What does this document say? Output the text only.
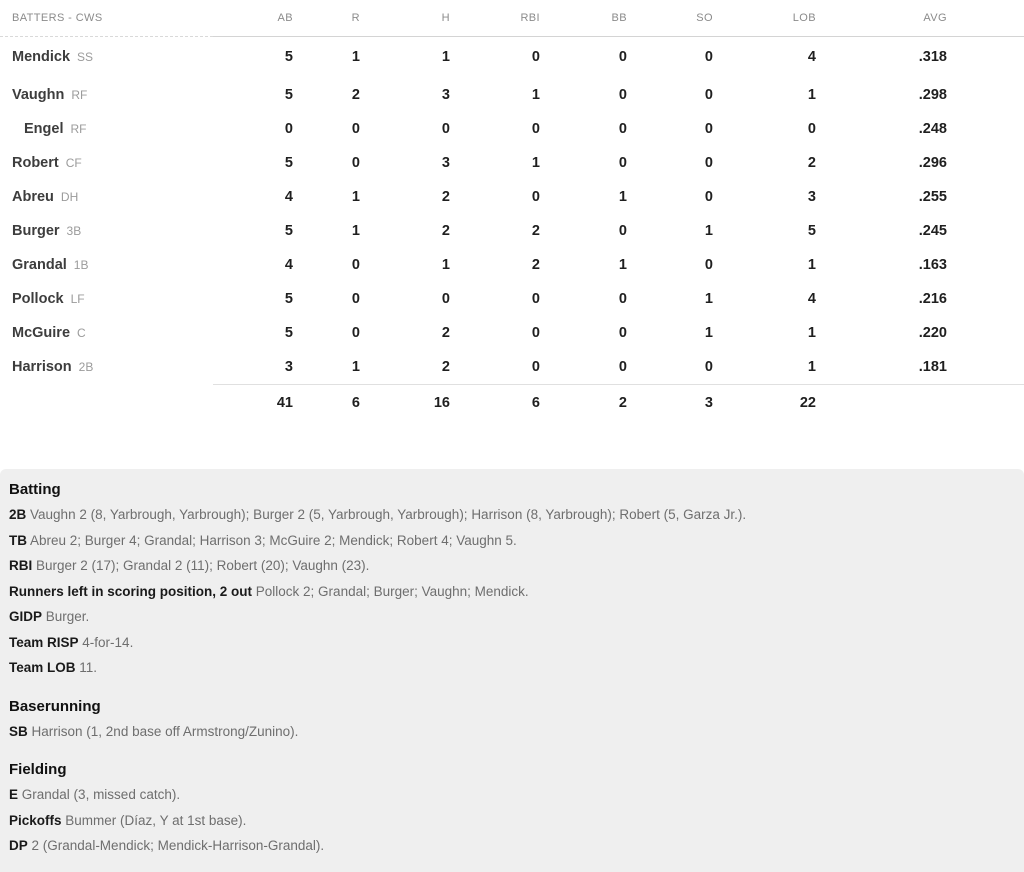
BATTERS - CWS	AB	R	H	RBI	BB	SO	LOB	AVG	
Mendick SS	5	1	1	0	0	0	4	.318	
Vaughn RF	5	2	3	1	0	0	1	.298	
Engel RF	0	0	0	0	0	0	0	.248	
Robert CF	5	0	3	1	0	0	2	.296	
Abreu DH	4	1	2	0	1	0	3	.255	
Burger 3B	5	1	2	2	0	1	5	.245	
Grandal 1B	4	0	1	2	1	0	1	.163	
Pollock LF	5	0	0	0	0	1	4	.216	
McGuire C	5	0	2	0	0	1	1	.220	
Harrison 2B	3	1	2	0	0	0	1	.181	
	41	6	16	6	2	3	22		
Batting

2B Vaughn 2 (8, Yarbrough, Yarbrough); Burger 2 (5, Yarbrough, Yarbrough); Harrison (8, Yarbrough); Robert (5, Garza Jr.).

TB Abreu 2; Burger 4; Grandal; Harrison 3; McGuire 2; Mendick; Robert 4; Vaughn 5.

RBI Burger 2 (17); Grandal 2 (11); Robert (20); Vaughn (23).

Runners left in scoring position, 2 out Pollock 2; Grandal; Burger; Vaughn; Mendick.

GIDP Burger.

Team RISP 4-for-14.

Team LOB 11.

Baserunning

SB Harrison (1, 2nd base off Armstrong/Zunino).

Fielding

E Grandal (3, missed catch).

Pickoffs Bummer (Díaz, Y at 1st base).

DP 2 (Grandal-Mendick; Mendick-Harrison-Grandal).
